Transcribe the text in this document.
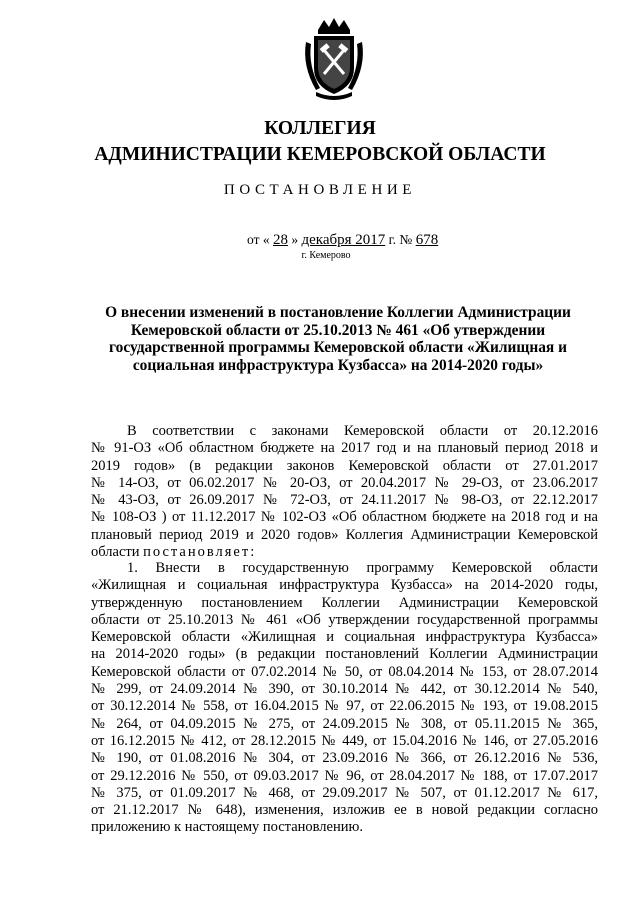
КОЛЛЕГИЯ
АДМИНИСТРАЦИИ КЕМЕРОВСКОЙ ОБЛАСТИ
ПОСТАНОВЛЕНИЕ
от « 28 » декабря 2017 г. № 678
г. Кемерово
О внесении изменений в постановление Коллегии Администрации
Кемеровской области от 25.10.2013 № 461 «Об утверждении
государственной программы Кемеровской области «Жилищная и
социальная инфраструктура Кузбасса» на 2014-2020 годы»
В соответствии с законами Кемеровской области от 20.12.2016
№ 91-ОЗ «Об областном бюджете на 2017 год и на плановый период 2018 и
2019 годов» (в редакции законов Кемеровской области от 27.01.2017
№ 14-ОЗ, от 06.02.2017 № 20-ОЗ, от 20.04.2017 № 29-ОЗ, от 23.06.2017
№ 43-ОЗ, от 26.09.2017 № 72-ОЗ, от 24.11.2017 № 98-ОЗ, от 22.12.2017
№ 108-ОЗ ) от 11.12.2017 № 102-ОЗ «Об областном бюджете на 2018 год и на
плановый период 2019 и 2020 годов» Коллегия Администрации Кемеровской
области постановляет:
1. Внести в государственную программу Кемеровской области
«Жилищная и социальная инфраструктура Кузбасса» на 2014-2020 годы,
утвержденную постановлением Коллегии Администрации Кемеровской
области от 25.10.2013 № 461 «Об утверждении государственной программы
Кемеровской области «Жилищная и социальная инфраструктура Кузбасса»
на 2014-2020 годы» (в редакции постановлений Коллегии Администрации
Кемеровской области от 07.02.2014 № 50, от 08.04.2014 № 153, от 28.07.2014
№ 299, от 24.09.2014 № 390, от 30.10.2014 № 442, от 30.12.2014 № 540,
от 30.12.2014 № 558, от 16.04.2015 № 97, от 22.06.2015 № 193, от 19.08.2015
№ 264, от 04.09.2015 № 275, от 24.09.2015 № 308, от 05.11.2015 № 365,
от 16.12.2015 № 412, от 28.12.2015 № 449, от 15.04.2016 № 146, от 27.05.2016
№ 190, от 01.08.2016 № 304, от 23.09.2016 № 366, от 26.12.2016 № 536,
от 29.12.2016 № 550, от 09.03.2017 № 96, от 28.04.2017 № 188, от 17.07.2017
№ 375, от 01.09.2017 № 468, от 29.09.2017 № 507, от 01.12.2017 № 617,
от 21.12.2017 № 648), изменения, изложив ее в новой редакции согласно
приложению к настоящему постановлению.
